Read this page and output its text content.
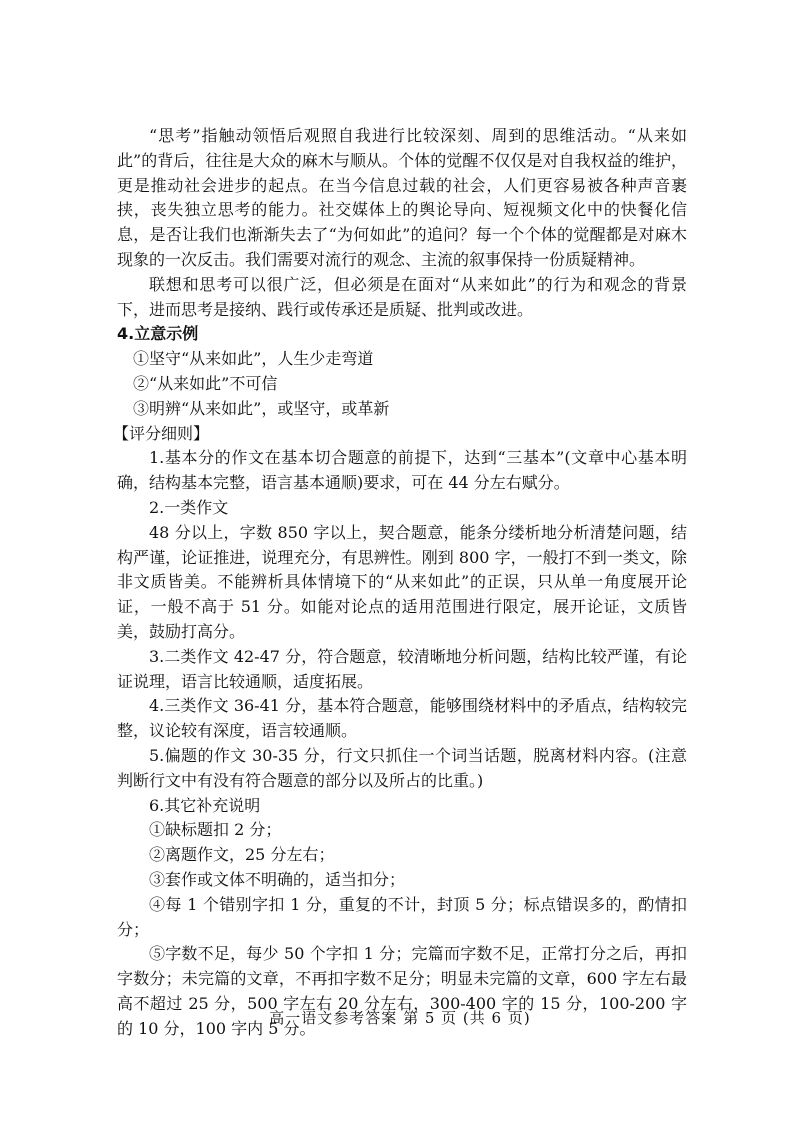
“思考”指触动领悟后观照自我进行比较深刻、周到的思维活动。“从来如此”的背后，往往是大众的麻木与顺从。个体的觉醒不仅仅是对自我权益的维护，更是推动社会进步的起点。在当今信息过载的社会，人们更容易被各种声音裹挟，丧失独立思考的能力。社交媒体上的舆论导向、短视频文化中的快餐化信息，是否让我们也渐渐失去了“为何如此”的追问？每一个个体的觉醒都是对麻木现象的一次反击。我们需要对流行的观念、主流的叙事保持一份质疑精神。

联想和思考可以很广泛，但必须是在面对“从来如此”的行为和观念的背景下，进而思考是接纳、践行或传承还是质疑、批判或改进。

4.立意示例

①坚守“从来如此”，人生少走弯道

②“从来如此”不可信

③明辨“从来如此”，或坚守，或革新

【评分细则】

1.基本分的作文在基本切合题意的前提下，达到“三基本”(文章中心基本明确，结构基本完整，语言基本通顺)要求，可在 44 分左右赋分。

2.一类作文

48 分以上，字数 850 字以上，契合题意，能条分缕析地分析清楚问题，结构严谨，论证推进，说理充分，有思辨性。刚到 800 字，一般打不到一类文，除非文质皆美。不能辨析具体情境下的“从来如此”的正误，只从单一角度展开论证，一般不高于 51 分。如能对论点的适用范围进行限定，展开论证，文质皆美，鼓励打高分。

3.二类作文 42-47 分，符合题意，较清晰地分析问题，结构比较严谨，有论证说理，语言比较通顺，适度拓展。

4.三类作文 36-41 分，基本符合题意，能够围绕材料中的矛盾点，结构较完整，议论较有深度，语言较通顺。

5.偏题的作文 30-35 分，行文只抓住一个词当话题，脱离材料内容。(注意判断行文中有没有符合题意的部分以及所占的比重。)

6.其它补充说明

①缺标题扣 2 分；

②离题作文，25 分左右；

③套作或文体不明确的，适当扣分；

④每 1 个错别字扣 1 分，重复的不计，封顶 5 分；标点错误多的，酌情扣分；

⑤字数不足，每少 50 个字扣 1 分；完篇而字数不足，正常打分之后，再扣字数分；未完篇的文章，不再扣字数不足分；明显未完篇的文章，600 字左右最高不超过 25 分，500 字左右 20 分左右，300-400 字的 15 分，100-200 字的 10 分，100 字内 5 分。

高一语文参考答案 第 5 页 (共 6 页)
